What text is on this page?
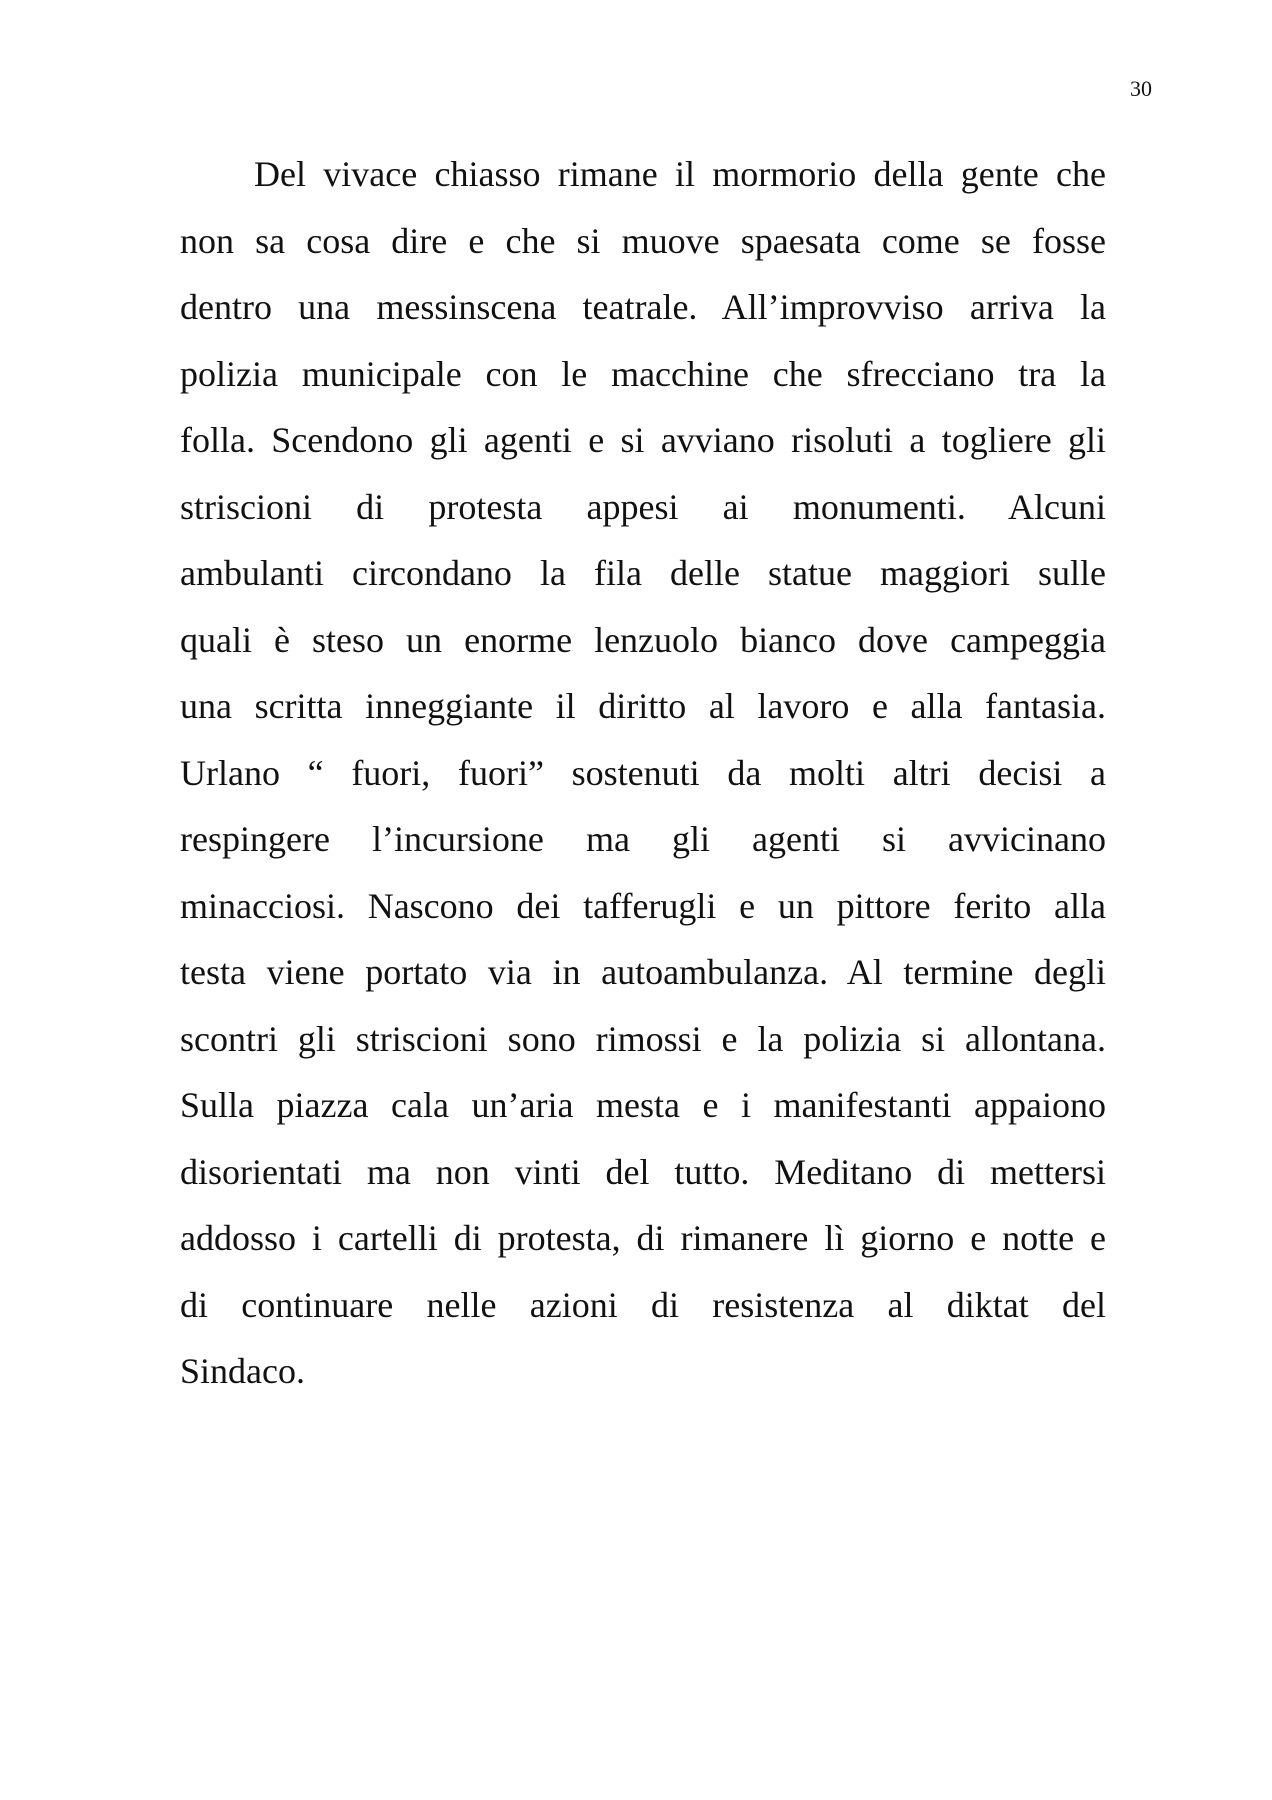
30
Del vivace chiasso rimane il mormorio della gente che
non sa cosa dire e che si muove spaesata come se fosse
dentro una messinscena teatrale. All’improvviso arriva la
polizia municipale con le macchine che sfrecciano tra la
folla. Scendono gli agenti e si avviano risoluti a togliere gli
striscioni di protesta appesi ai monumenti. Alcuni
ambulanti circondano la fila delle statue maggiori sulle
quali è steso un enorme lenzuolo bianco dove campeggia
una scritta inneggiante il diritto al lavoro e alla fantasia.
Urlano “ fuori, fuori” sostenuti da molti altri decisi a
respingere l’incursione ma gli agenti si avvicinano
minacciosi. Nascono dei tafferugli e un pittore ferito alla
testa viene portato via in autoambulanza. Al termine degli
scontri gli striscioni sono rimossi e la polizia si allontana.
Sulla piazza cala un’aria mesta e i manifestanti appaiono
disorientati ma non vinti del tutto. Meditano di mettersi
addosso i cartelli di protesta, di rimanere lì giorno e notte e
di continuare nelle azioni di resistenza al diktat del
Sindaco.
